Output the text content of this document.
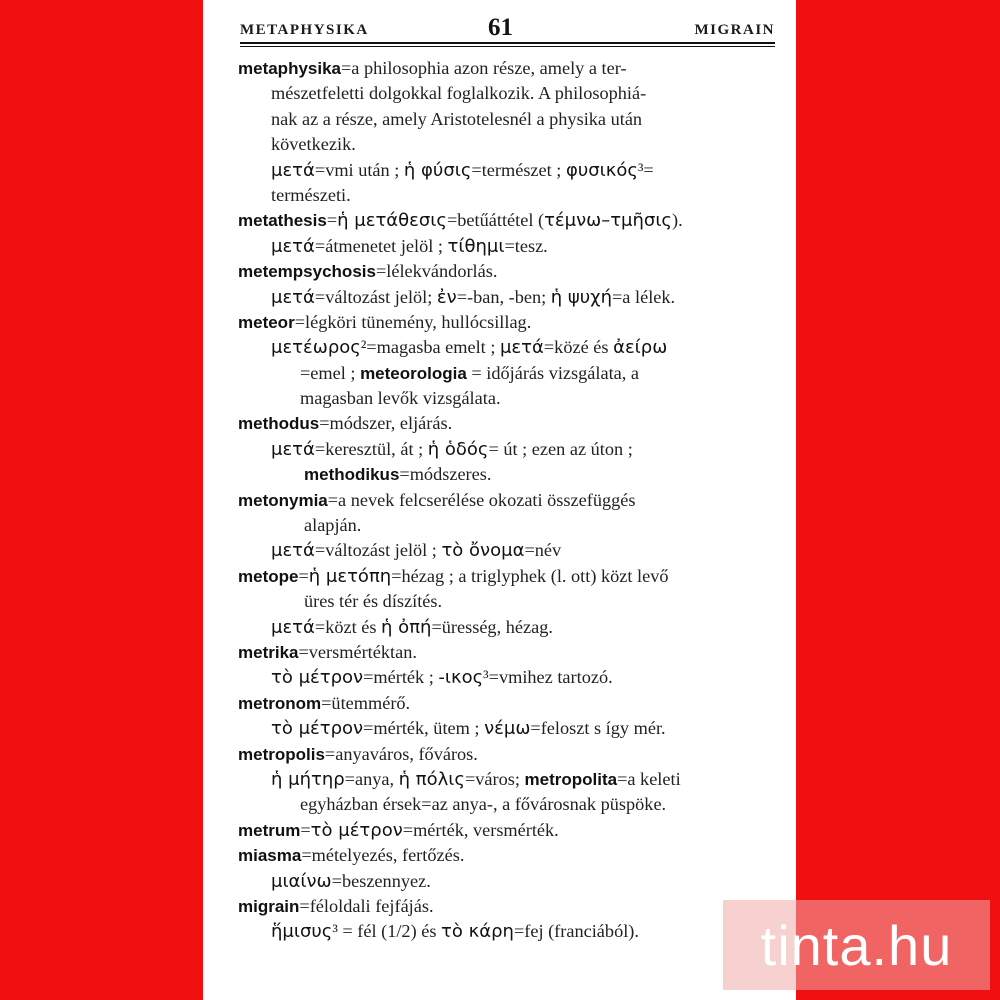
METAPHYSIKA	61	MIGRAIN
metaphysika=a philosophia azon része, amely a ter-
mészetfeletti dolgokkal foglalkozik. A philosophiá-
nak az a része, amely Aristotelesnél a physika után
következik.
μετά=vmi után ; ἡ φύσις=természet ; φυσικός³=
természeti.
metathesis=ἡ μετάθεσις=betűáttétel (τέμνω–τμῆσις).
μετά=átmenetet jelöl ; τίθημι=tesz.
metempsychosis=lélekvándorlás.
μετά=változást jelöl; ἐν=-ban, -ben; ἡ ψυχή=a lélek.
meteor=légköri tünemény, hullócsillag.
μετέωρος²=magasba emelt ; μετά=közé és ἀείρω
=emel ; meteorologia = időjárás vizsgálata, a
magasban levők vizsgálata.
methodus=módszer, eljárás.
μετά=keresztül, át ; ἡ ὁδός= út ; ezen az úton ;
methodikus=módszeres.
metonymia=a nevek felcserélése okozati összefüggés
alapján.
μετά=változást jelöl ; τὸ ὄνομα=név
metope=ἡ μετόπη=hézag ; a triglyphek (l. ott) közt levő
üres tér és díszítés.
μετά=közt és ἡ ὀπή=üresség, hézag.
metrika=versmértéktan.
τὸ μέτρον=mérték ; -ικος³=vmihez tartozó.
metronom=ütemmérő.
τὸ μέτρον=mérték, ütem ; νέμω=feloszt s így mér.
metropolis=anyaváros, főváros.
ἡ μήτηρ=anya, ἡ πόλις=város; metropolita=a keleti
egyházban érsek=az anya-, a fővárosnak püspöke.
metrum=τὸ μέτρον=mérték, versmérték.
miasma=mételyezés, fertőzés.
μιαίνω=beszennyez.
migrain=féloldali fejfájás.
ἥμισυς³ = fél (1/2) és τὸ κάρη=fej (franciából).	tinta.hu
